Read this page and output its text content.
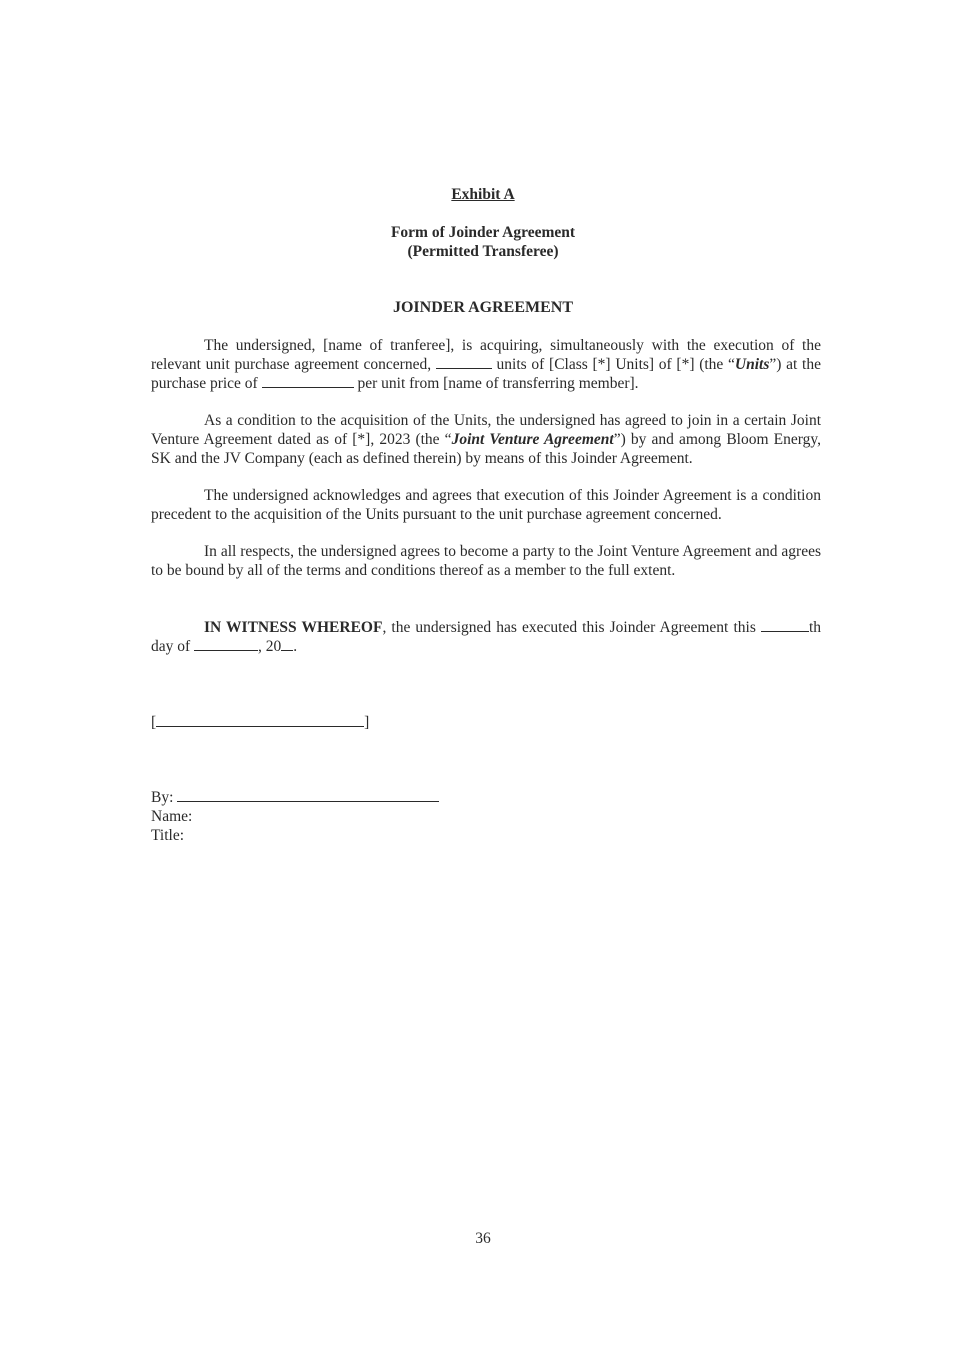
Exhibit A
Form of Joinder Agreement
(Permitted Transferee)
JOINDER AGREEMENT
The undersigned, [name of tranferee], is acquiring, simultaneously with the execution of the relevant unit purchase agreement concerned,	units of [Class [*] Units] of [*] (the “Units”) at the purchase price of	per unit from [name of transferring member].
As a condition to the acquisition of the Units, the undersigned has agreed to join in a certain Joint Venture Agreement dated as of [*], 2023 (the “Joint Venture Agreement”) by and among Bloom Energy, SK and the JV Company (each as defined therein) by means of this Joinder Agreement.
The undersigned acknowledges and agrees that execution of this Joinder Agreement is a condition precedent to the acquisition of the Units pursuant to the unit purchase agreement concerned.
In all respects, the undersigned agrees to become a party to the Joint Venture Agreement and agrees to be bound by all of the terms and conditions thereof as a member to the full extent.
IN WITNESS WHEREOF, the undersigned has executed this Joinder Agreement this	th day of	, 20 .
[	]
By:
Name:
Title:
36
